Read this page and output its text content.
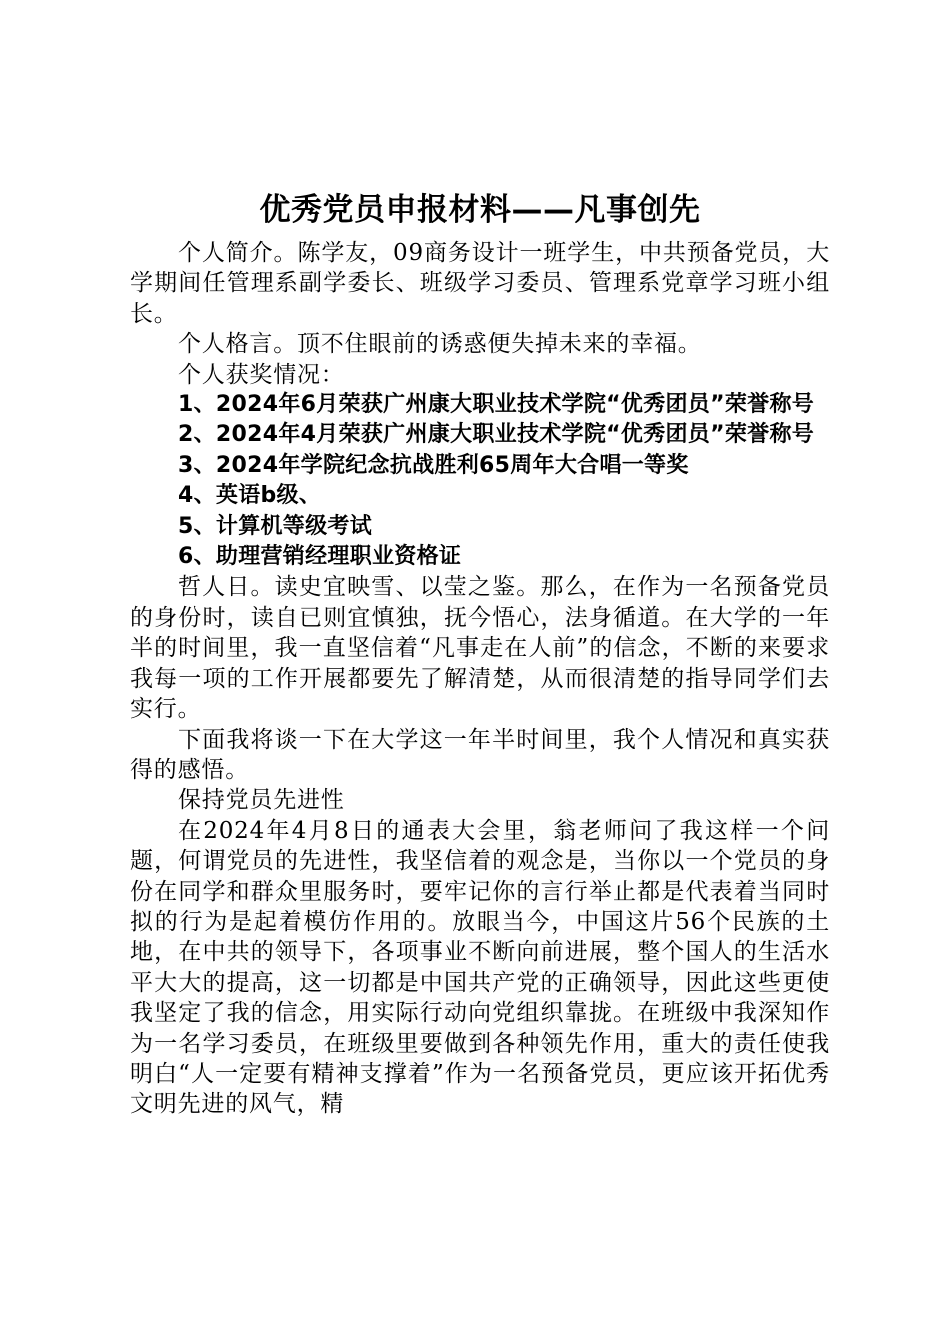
优秀党员申报材料——凡事创先

个人简介。陈学友，09商务设计一班学生，中共预备党员，大学期间任管理系副学委长、班级学习委员、管理系党章学习班小组长。

个人格言。顶不住眼前的诱惑便失掉未来的幸福。

个人获奖情况：

1、2024年6月荣获广州康大职业技术学院“优秀团员”荣誉称号

2、2024年4月荣获广州康大职业技术学院“优秀团员”荣誉称号

3、2024年学院纪念抗战胜利65周年大合唱一等奖

4、英语b级、

5、计算机等级考试

6、助理营销经理职业资格证

哲人日。读史宜映雪、以莹之鉴。那么，在作为一名预备党员的身份时，读自已则宜慎独，抚今悟心，法身循道。在大学的一年半的时间里，我一直坚信着“凡事走在人前”的信念，不断的来要求我每一项的工作开展都要先了解清楚，从而很清楚的指导同学们去实行。

下面我将谈一下在大学这一年半时间里，我个人情况和真实获得的感悟。

保持党员先进性

在2024年4月8日的通表大会里，翁老师问了我这样一个问题，何谓党员的先进性，我坚信着的观念是，当你以一个党员的身份在同学和群众里服务时，要牢记你的言行举止都是代表着当同时拟的行为是起着模仿作用的。放眼当今，中国这片56个民族的土地，在中共的领导下，各项事业不断向前进展，整个国人的生活水平大大的提高，这一切都是中国共产党的正确领导，因此这些更使我坚定了我的信念，用实际行动向党组织靠拢。在班级中我深知作为一名学习委员，在班级里要做到各种领先作用，重大的责任使我明白“人一定要有精神支撑着”作为一名预备党员，更应该开拓优秀文明先进的风气，精
